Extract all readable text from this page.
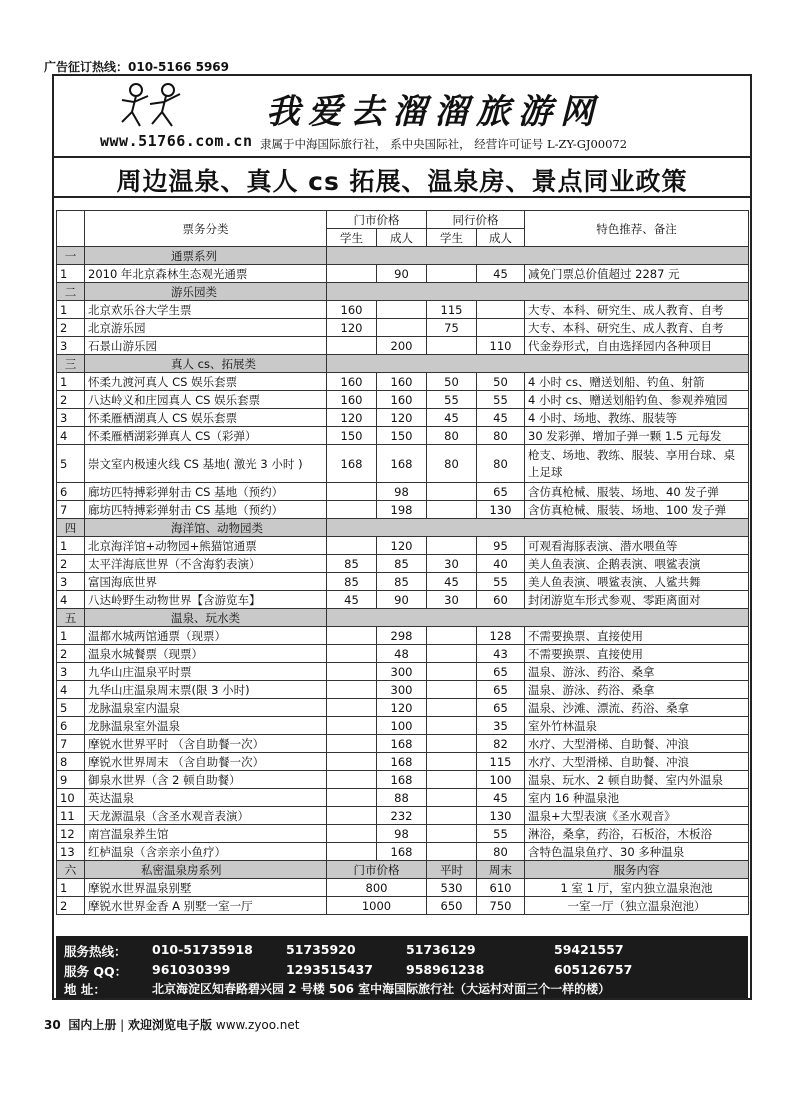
广告征订热线：010-5166 5969
www.51766.com.cn
我爱去溜溜旅游网
隶属于中海国际旅行社， 系中央国际社， 经营许可证号 L-ZY-GJ00072
周边温泉、真人 cs 拓展、温泉房、景点同业政策
	票务分类	门市价格		同行价格		特色推荐、备注
		学生	成人	学生	成人	
一	通票系列					
1	2010 年北京森林生态观光通票		90		45	减免门票总价值超过 2287 元
二	游乐园类					
1	北京欢乐谷大学生票	160		115		大专、本科、研究生、成人教育、自考
2	北京游乐园	120		75		大专、本科、研究生、成人教育、自考
3	石景山游乐园		200		110	代金券形式，自由选择园内各种项目
三	真人 cs、拓展类					
1	怀柔九渡河真人 CS 娱乐套票	160	160	50	50	4 小时 cs、赠送划船、钓鱼、射箭
2	八达岭义和庄园真人 CS 娱乐套票	160	160	55	55	4 小时 cs、赠送划船钓鱼、参观养殖园
3	怀柔雁栖湖真人 CS 娱乐套票	120	120	45	45	4 小时、场地、教练、服装等
4	怀柔雁栖湖彩弹真人 CS（彩弹）	150	150	80	80	30 发彩弹、增加子弹一颗 1.5 元每发
5	崇文室内极速火线 CS 基地( 激光 3 小时 )	168	168	80	80	枪支、场地、教练、服装、享用台球、桌上足球
6	廊坊匹特搏彩弹射击 CS 基地（预约）		98		65	含仿真枪械、服装、场地、40 发子弹
7	廊坊匹特搏彩弹射击 CS 基地（预约）		198		130	含仿真枪械、服装、场地、100 发子弹
四	海洋馆、动物园类					
1	北京海洋馆+动物园+熊猫馆通票		120		95	可观看海豚表演、潜水喂鱼等
2	太平洋海底世界（不含海豹表演）	85	85	30	40	美人鱼表演、企鹅表演、喂鲨表演
3	富国海底世界	85	85	45	55	美人鱼表演、喂鲨表演、人鲨共舞
4	八达岭野生动物世界【含游览车】	45	90	30	60	封闭游览车形式参观、零距离面对
五	温泉、玩水类					
1	温都水城两馆通票（现票）		298		128	不需要换票、直接使用
2	温泉水城餐票（现票）		48		43	不需要换票、直接使用
3	九华山庄温泉平时票		300		65	温泉、游泳、药浴、桑拿
4	九华山庄温泉周末票(限 3 小时)		300		65	温泉、游泳、药浴、桑拿
5	龙脉温泉室内温泉		120		65	温泉、沙滩、漂流、药浴、桑拿
6	龙脉温泉室外温泉		100		35	室外竹林温泉
7	摩锐水世界平时 （含自助餐一次）		168		82	水疗、大型滑梯、自助餐、冲浪
8	摩锐水世界周末 （含自助餐一次）		168		115	水疗、大型滑梯、自助餐、冲浪
9	御泉水世界（含 2 顿自助餐）		168		100	温泉、玩水、2 顿自助餐、室内外温泉
10	英达温泉		88		45	室内 16 种温泉池
11	天龙源温泉（含圣水观音表演）		232		130	温泉+大型表演《圣水观音》
12	南宫温泉养生馆		98		55	淋浴，桑拿，药浴，石板浴，木板浴
13	红栌温泉（含亲亲小鱼疗）		168		80	含特色温泉鱼疗、30 多种温泉
六	私密温泉房系列	门市价格		平时	周末	服务内容
1	摩锐水世界温泉别墅	800		530	610	1 室 1 厅，室内独立温泉泡池
2	摩锐水世界金香 A 别墅一室一厅	1000		650	750	一室一厅（独立温泉泡池）
服务热线： 010-51735918	51735920	51736129	59421557
服务 QQ： 961030399	1293515437	958961238	605126757
地 址：	北京海淀区知春路碧兴园 2 号楼 506 室中海国际旅行社（大运村对面三个一样的楼）
30 国内上册 | 欢迎浏览电子版 www.zyoo.net
